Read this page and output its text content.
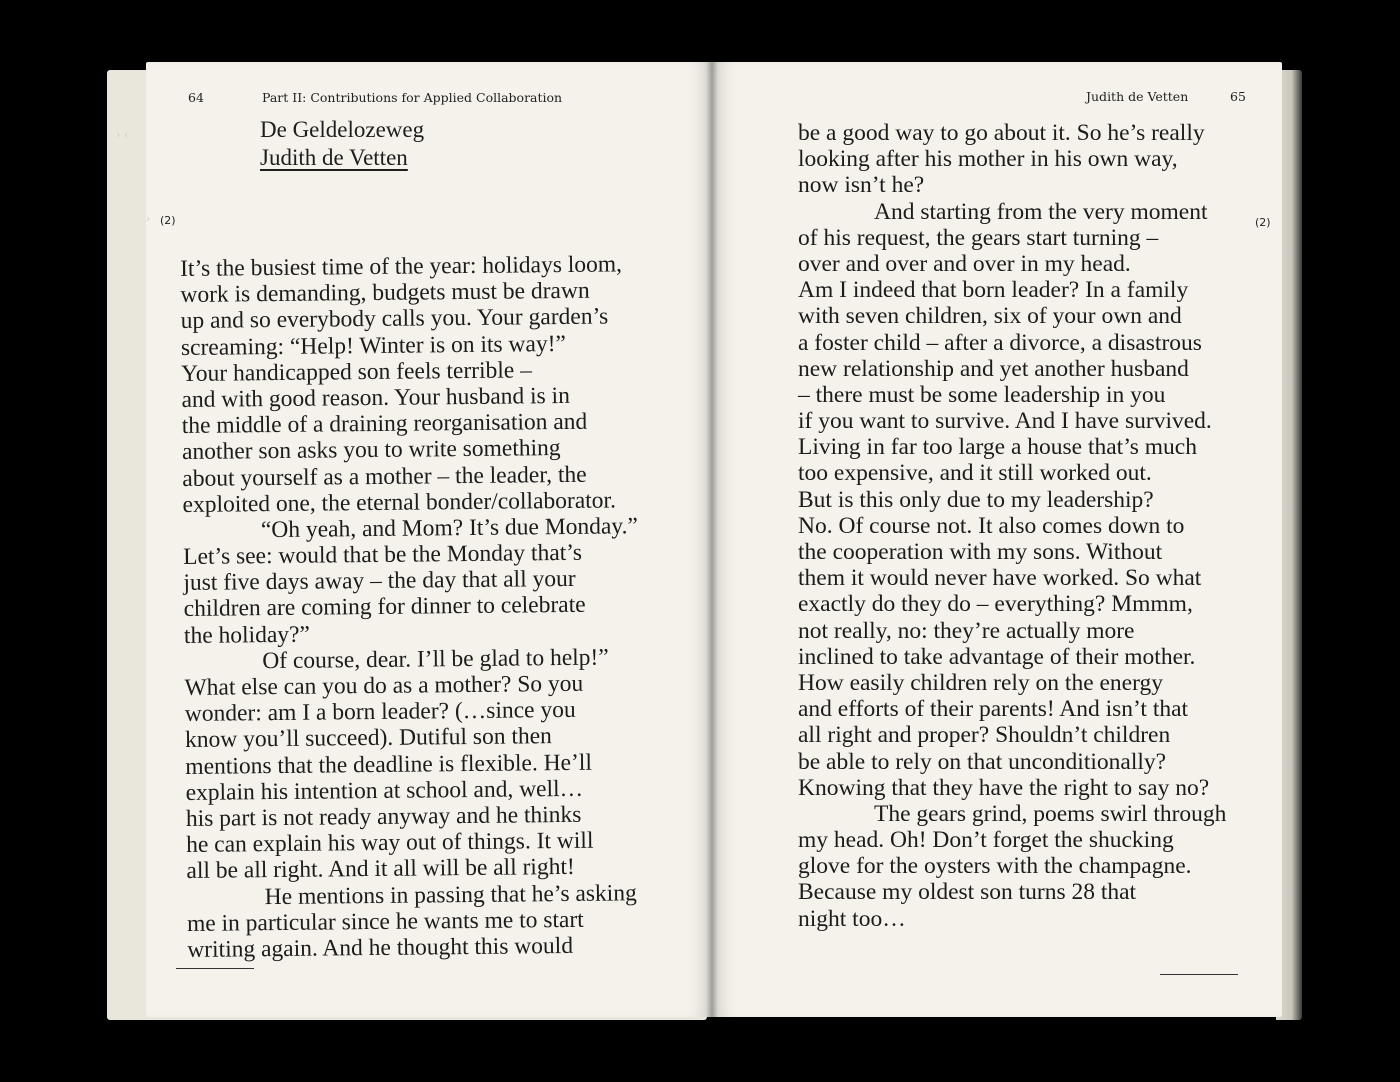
64	Part II: Contributions for Applied Collaboration
De Geldelozeweg
Judith de Vetten
It’s the busiest time of the year: holidays loom,
work is demanding, budgets must be drawn
up and so everybody calls you. Your garden’s
screaming: “Help! Winter is on its way!”
Your handicapped son feels terrible –
and with good reason. Your husband is in
the middle of a draining reorganisation and
another son asks you to write something
about yourself as a mother – the leader, the
exploited one, the eternal bonder/collaborator.
“Oh yeah, and Mom? It’s due Monday.”
Let’s see: would that be the Monday that’s
just five days away – the day that all your
children are coming for dinner to celebrate
the holiday?”
Of course, dear. I’ll be glad to help!”
What else can you do as a mother? So you
wonder: am I a born leader? (…since you
know you’ll succeed). Dutiful son then
mentions that the deadline is flexible. He’ll
explain his intention at school and, well…
his part is not ready anyway and he thinks
he can explain his way out of things. It will
all be all right. And it all will be all right!
He mentions in passing that he’s asking
me in particular since he wants me to start
writing again. And he thought this would
Judith de Vetten	65
be a good way to go about it. So he’s really
looking after his mother in his own way,
now isn’t he?
And starting from the very moment
of his request, the gears start turning –
over and over and over in my head.
Am I indeed that born leader? In a family
with seven children, six of your own and
a foster child – after a divorce, a disastrous
new relationship and yet another husband
– there must be some leadership in you
if you want to survive. And I have survived.
Living in far too large a house that’s much
too expensive, and it still worked out.
But is this only due to my leadership?
No. Of course not. It also comes down to
the cooperation with my sons. Without
them it would never have worked. So what
exactly do they do – everything? Mmmm,
not really, no: they’re actually more
inclined to take advantage of their mother.
How easily children rely on the energy
and efforts of their parents! And isn’t that
all right and proper? Shouldn’t children
be able to rely on that unconditionally?
Knowing that they have the right to say no?
The gears grind, poems swirl through
my head. Oh! Don’t forget the shucking
glove for the oysters with the champagne.
Because my oldest son turns 28 that
night too…
(2)	(2)
› ‹
›
